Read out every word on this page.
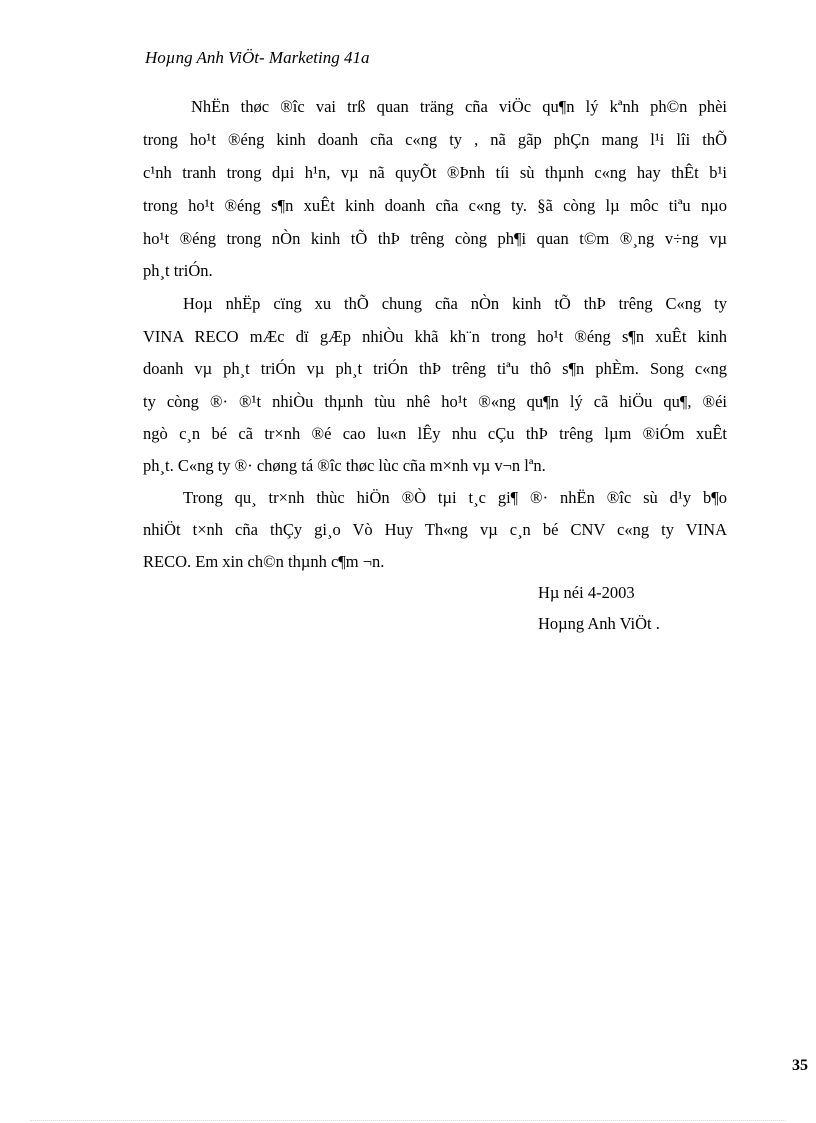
Hoµng Anh ViÖt- Marketing 41a
NhËn thøc ®îc vai trß quan träng cña viÖc qu¶n lý kªnh ph©n phèi
trong ho¹t ®éng kinh doanh cña c«ng ty , nã gãp phÇn mang l¹i lîi thÕ
c¹nh tranh trong dµi h¹n, vµ nã quyÕt ®Þnh tíi sù thµnh c«ng hay thÊt b¹i
trong ho¹t ®éng s¶n xuÊt kinh doanh cña c«ng ty. §ã còng lµ môc tiªu nµo
ho¹t ®éng trong nÒn kinh tÕ thÞ trêng còng ph¶i quan t©m ®¸ng v÷ng vµ
ph¸t triÓn.
Hoµ nhËp cïng xu thÕ chung cña nÒn kinh tÕ thÞ trêng C«ng ty
VINA RECO mÆc dï gÆp nhiÒu khã kh¨n trong ho¹t ®éng s¶n xuÊt kinh
doanh vµ ph¸t triÓn vµ ph¸t triÓn thÞ trêng tiªu thô s¶n phÈm. Song c«ng
ty còng ®· ®¹t nhiÒu thµnh tùu nhê ho¹t ®«ng qu¶n lý cã hiÖu qu¶, ®éi
ngò c¸n bé cã tr×nh ®é cao lu«n lÊy nhu cÇu thÞ trêng lµm ®iÓm xuÊt
ph¸t. C«ng ty ®· chøng tá ®îc thøc lùc cña m×nh vµ v¬n lªn.
Trong qu¸ tr×nh thùc hiÖn ®Ò tµi t¸c gi¶ ®· nhËn ®îc sù d¹y b¶o
nhiÖt t×nh cña thÇy gi¸o Vò Huy Th«ng vµ c¸n bé CNV c«ng ty VINA
RECO. Em xin ch©n thµnh c¶m ¬n.
Hµ néi 4-2003
Hoµng Anh ViÖt .
35
